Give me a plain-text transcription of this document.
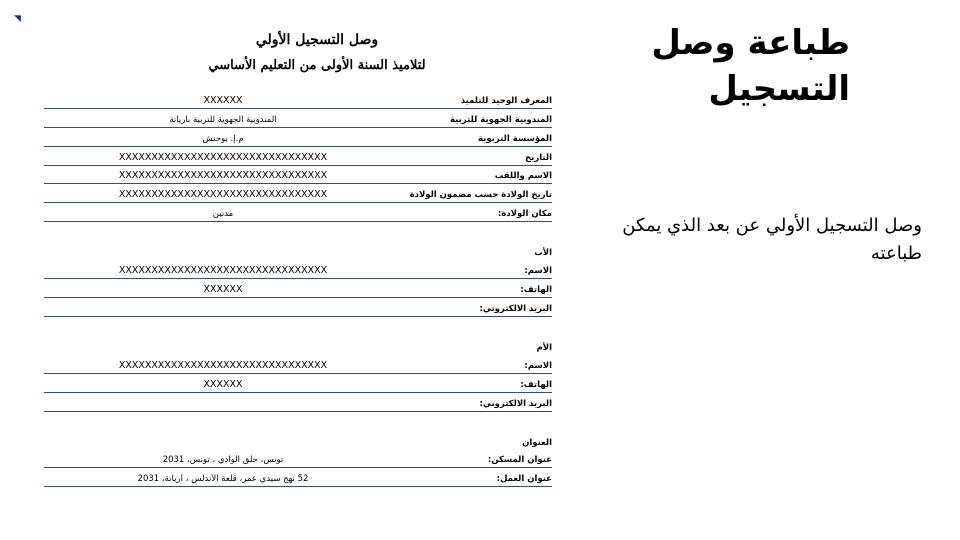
◥
طباعة وصل التسجيل
وصل التسجيل الأولي عن بعد الذي يمكن طباعته
وصل التسجيل الأولي
لتلاميذ السنة الأولى من التعليم الأساسي
المعرف الوحيد للتلميذ
XXXXXX
المندوبية الجهوية للتربية
المندوبية الجهوية للتربية بأريانة
المؤسسة التربوية
م.إ. بوحنش
التاريخ
XXXXXXXXXXXXXXXXXXXXXXXXXXXXXXXX
الاسم واللقب
XXXXXXXXXXXXXXXXXXXXXXXXXXXXXXXX
تاريخ الولادة حسب مضمون الولادة
XXXXXXXXXXXXXXXXXXXXXXXXXXXXXXXX
مكان الولادة:
مدنين
الأب
الاسم:
XXXXXXXXXXXXXXXXXXXXXXXXXXXXXXXX
الهاتف:
XXXXXX
البريد الالكتروني:
الأم
الاسم:
XXXXXXXXXXXXXXXXXXXXXXXXXXXXXXXX
الهاتف:
XXXXXX
البريد الالكتروني:
العنوان
عنوان المسكن:
تونس، حلق الوادي ، تونس، 2031
عنوان العمل:
52 نهج سيدي عمر، قلعة الأندلس ، أريانة، 2031
